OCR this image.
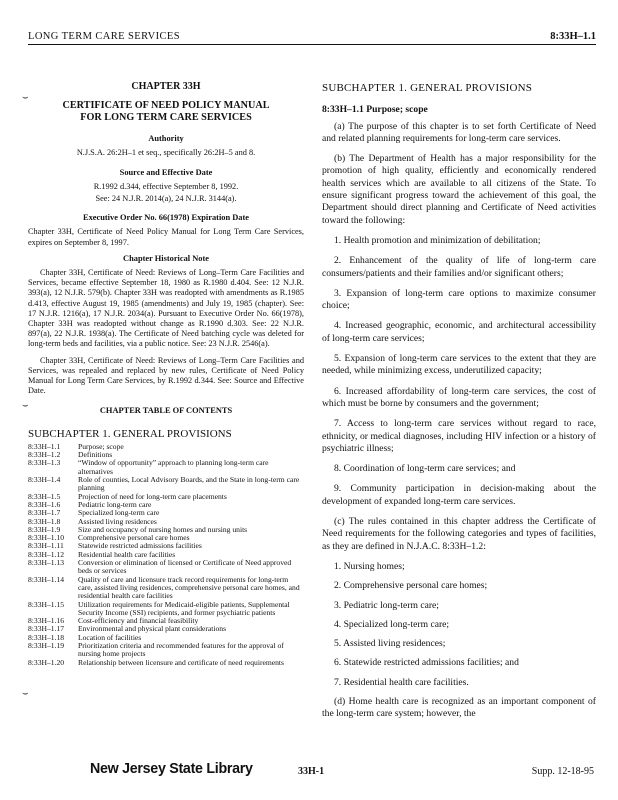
LONG TERM CARE SERVICES	8:33H–1.1
⌣
⌣
⌣
CHAPTER 33H
CERTIFICATE OF NEED POLICY MANUAL
FOR LONG TERM CARE SERVICES
Authority
N.J.S.A. 26:2H–1 et seq., specifically 26:2H–5 and 8.
Source and Effective Date
R.1992 d.344, effective September 8, 1992.
See: 24 N.J.R. 2014(a), 24 N.J.R. 3144(a).
Executive Order No. 66(1978) Expiration Date
Chapter 33H, Certificate of Need Policy Manual for Long Term Care Services, expires on September 8, 1997.
Chapter Historical Note

Chapter 33H, Certificate of Need: Reviews of Long–Term Care Facilities and Services, became effective September 18, 1980 as R.1980 d.404. See: 12 N.J.R. 393(a), 12 N.J.R. 579(b). Chapter 33H was readopted with amendments as R.1985 d.413, effective August 19, 1985 (amendments) and July 19, 1985 (chapter). See: 17 N.J.R. 1216(a), 17 N.J.R. 2034(a). Pursuant to Executive Order No. 66(1978), Chapter 33H was readopted without change as R.1990 d.303. See: 22 N.J.R. 897(a), 22 N.J.R. 1938(a). The Certificate of Need batching cycle was deleted for long-term beds and facilities, via a public notice. See: 23 N.J.R. 2546(a).

Chapter 33H, Certificate of Need: Reviews of Long–Term Care Facilities and Services, was repealed and replaced by new rules, Certificate of Need Policy Manual for Long Term Care Services, by R.1992 d.344. See: Source and Effective Date.

CHAPTER TABLE OF CONTENTS
SUBCHAPTER 1. GENERAL PROVISIONS
8:33H–1.1	Purpose; scope
8:33H–1.2	Definitions
8:33H–1.3	“Window of opportunity” approach to planning long-term care alternatives
8:33H–1.4	Role of counties, Local Advisory Boards, and the State in long-term care planning
8:33H–1.5	Projection of need for long-term care placements
8:33H–1.6	Pediatric long-term care
8:33H–1.7	Specialized long-term care
8:33H–1.8	Assisted living residences
8:33H–1.9	Size and occupancy of nursing homes and nursing units
8:33H–1.10	Comprehensive personal care homes
8:33H–1.11	Statewide restricted admissions facilities
8:33H–1.12	Residential health care facilities
8:33H–1.13	Conversion or elimination of licensed or Certificate of Need approved beds or services
8:33H–1.14	Quality of care and licensure track record requirements for long-term care, assisted living residences, comprehensive personal care homes, and residential health care facilities
8:33H–1.15	Utilization requirements for Medicaid-eligible patients, Supplemental Security Income (SSI) recipients, and former psychiatric patients
8:33H–1.16	Cost-efficiency and financial feasibility
8:33H–1.17	Environmental and physical plant considerations
8:33H–1.18	Location of facilities
8:33H–1.19	Prioritization criteria and recommended features for the approval of nursing home projects
8:33H–1.20	Relationship between licensure and certificate of need requirements
SUBCHAPTER 1. GENERAL PROVISIONS
8:33H–1.1 Purpose; scope

(a) The purpose of this chapter is to set forth Certificate of Need and related planning requirements for long-term care services.

(b) The Department of Health has a major responsibility for the promotion of high quality, efficiently and economically rendered health services which are available to all citizens of the State. To ensure significant progress toward the achievement of this goal, the Department should direct planning and Certificate of Need activities toward the following:

1. Health promotion and minimization of debilitation;

2. Enhancement of the quality of life of long-term care consumers/patients and their families and/or significant others;

3. Expansion of long-term care options to maximize consumer choice;

4. Increased geographic, economic, and architectural accessibility of long-term care services;

5. Expansion of long-term care services to the extent that they are needed, while minimizing excess, underutilized capacity;

6. Increased affordability of long-term care services, the cost of which must be borne by consumers and the government;

7. Access to long-term care services without regard to race, ethnicity, or medical diagnoses, including HIV infection or a history of psychiatric illness;

8. Coordination of long-term care services; and

9. Community participation in decision-making about the development of expanded long-term care services.

(c) The rules contained in this chapter address the Certificate of Need requirements for the following categories and types of facilities, as they are defined in N.J.A.C. 8:33H–1.2:

1. Nursing homes;

2. Comprehensive personal care homes;

3. Pediatric long-term care;

4. Specialized long-term care;

5. Assisted living residences;

6. Statewide restricted admissions facilities; and

7. Residential health care facilities.

(d) Home health care is recognized as an important component of the long-term care system; however, the

New Jersey State Library	33H-1	Supp. 12-18-95
